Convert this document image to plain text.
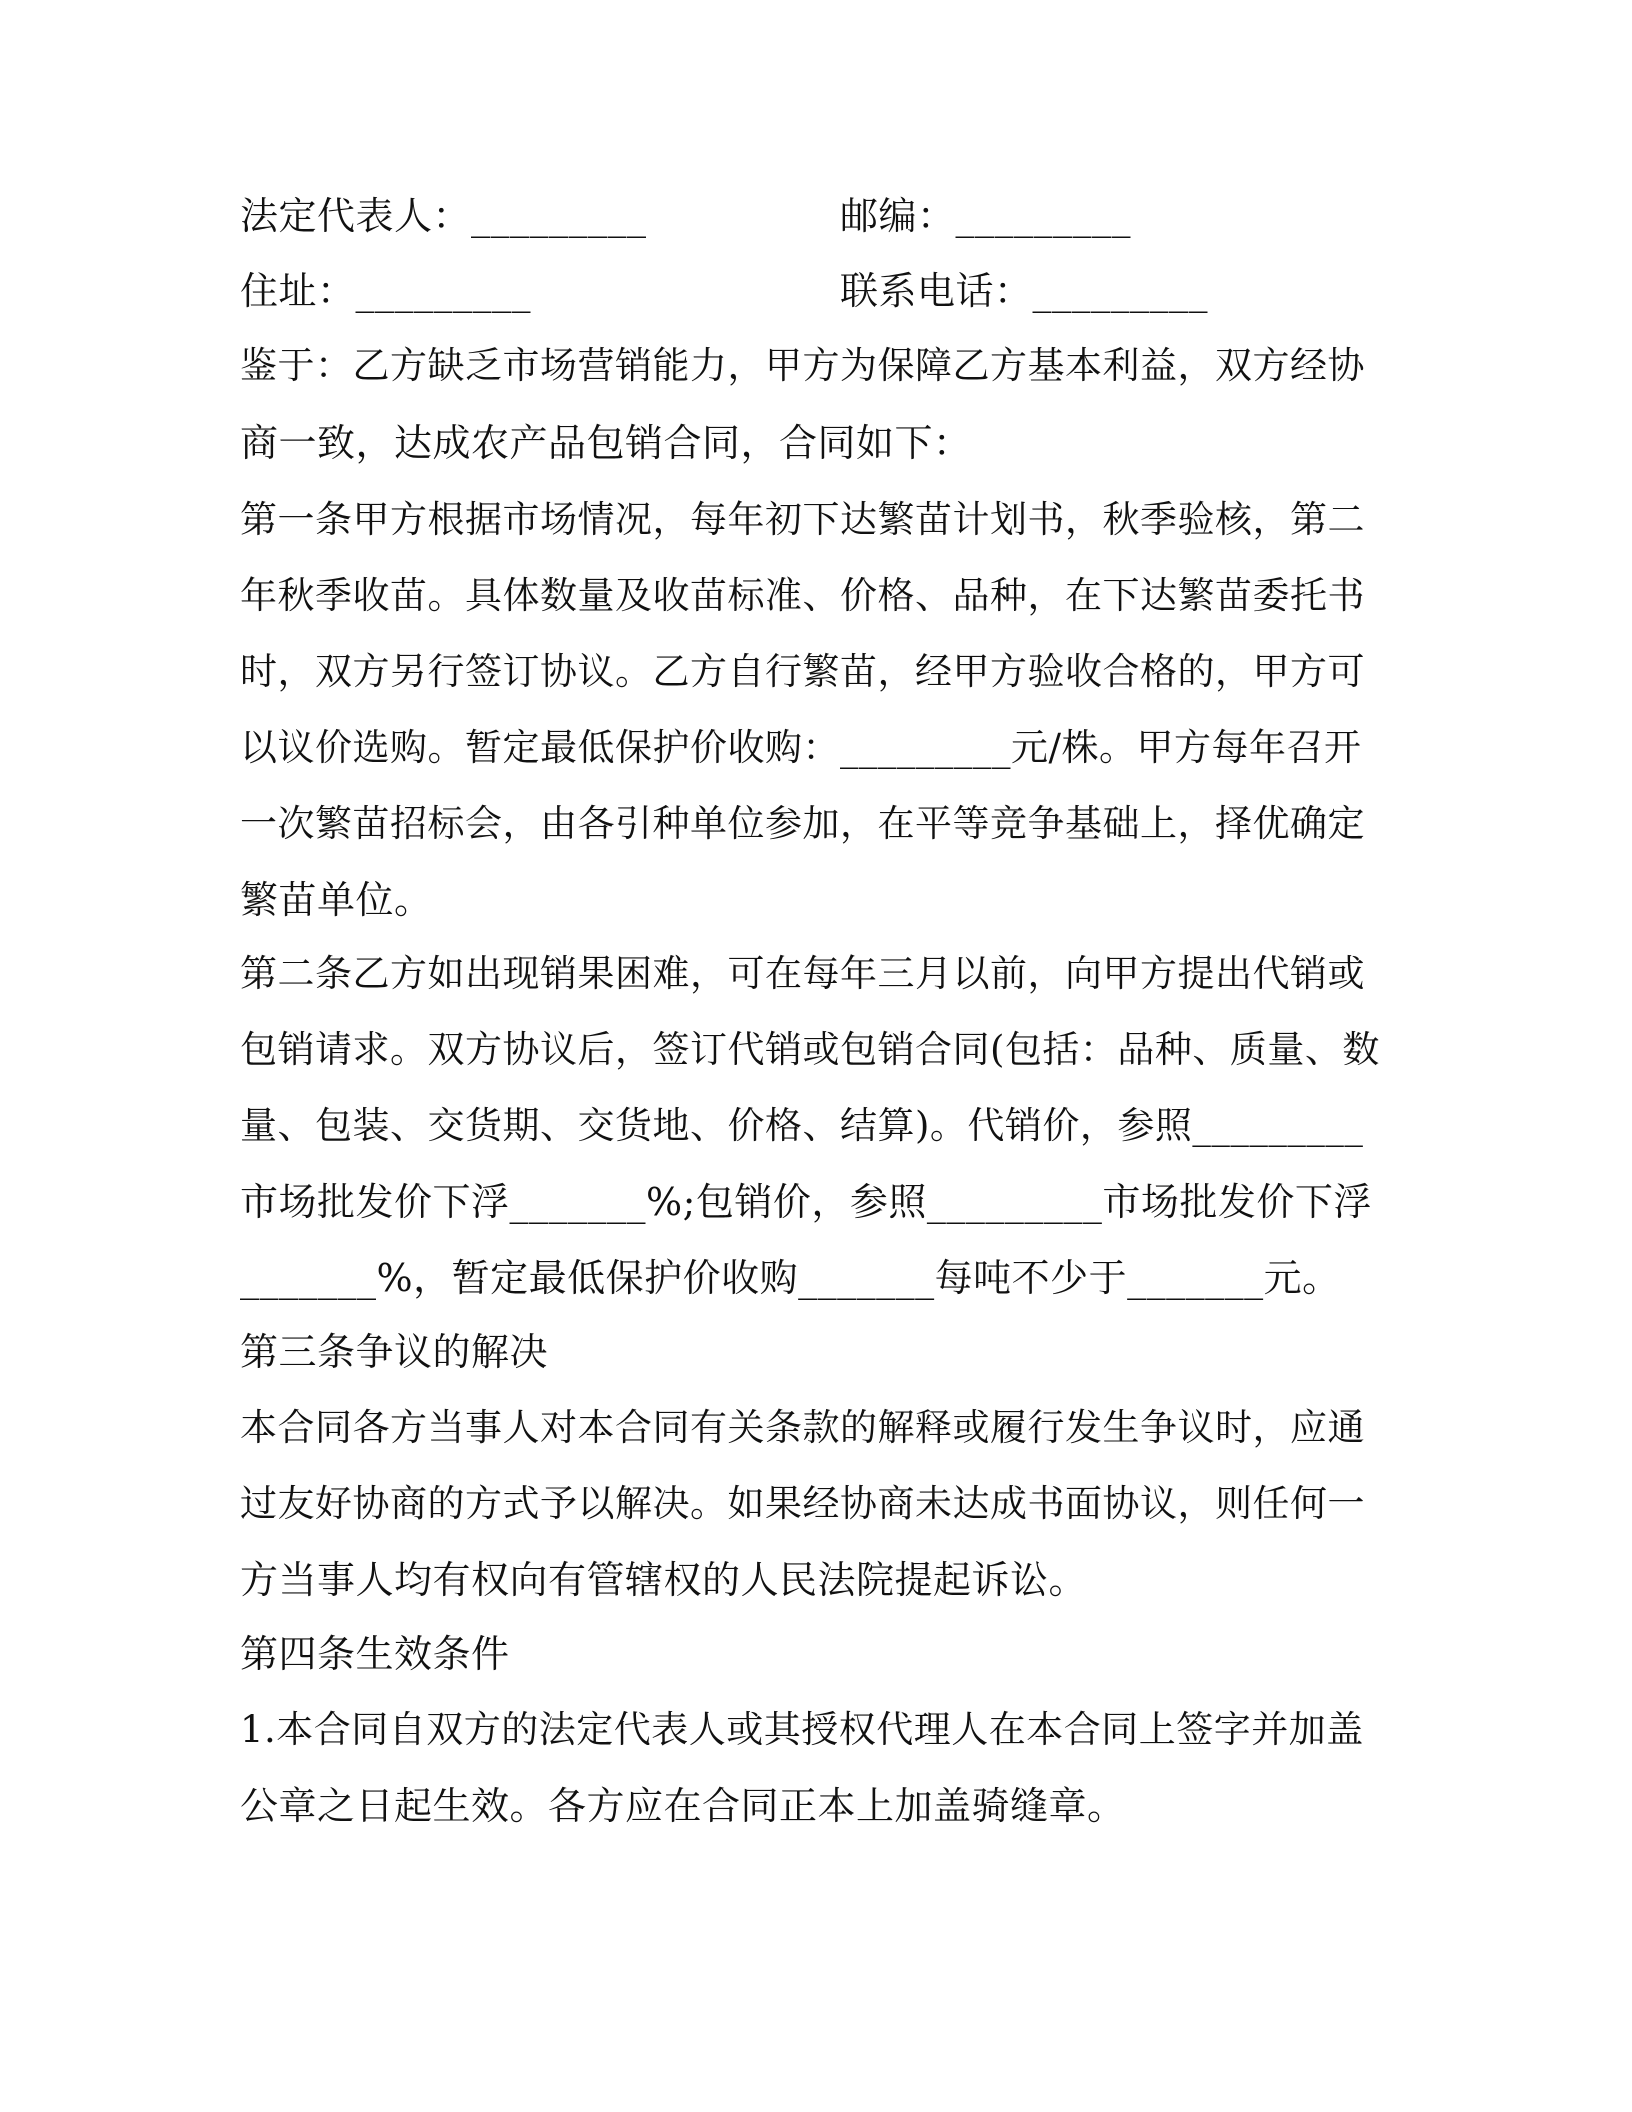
法定代表人：_________	邮编：_________
住址：_________	联系电话：_________
鉴于：乙方缺乏市场营销能力，甲方为保障乙方基本利益，双方经协
商一致，达成农产品包销合同，合同如下：
第一条甲方根据市场情况，每年初下达繁苗计划书，秋季验核，第二
年秋季收苗。具体数量及收苗标准、价格、品种，在下达繁苗委托书
时，双方另行签订协议。乙方自行繁苗，经甲方验收合格的，甲方可
以议价选购。暂定最低保护价收购：_________元/株。甲方每年召开
一次繁苗招标会，由各引种单位参加，在平等竞争基础上，择优确定
繁苗单位。
第二条乙方如出现销果困难，可在每年三月以前，向甲方提出代销或
包销请求。双方协议后，签订代销或包销合同(包括：品种、质量、数
量、包装、交货期、交货地、价格、结算)。代销价，参照_________
市场批发价下浮_______%;包销价，参照_________市场批发价下浮
_______%，暂定最低保护价收购_______每吨不少于_______元。
第三条争议的解决
本合同各方当事人对本合同有关条款的解释或履行发生争议时，应通
过友好协商的方式予以解决。如果经协商未达成书面协议，则任何一
方当事人均有权向有管辖权的人民法院提起诉讼。
第四条生效条件
1.本合同自双方的法定代表人或其授权代理人在本合同上签字并加盖
公章之日起生效。各方应在合同正本上加盖骑缝章。
